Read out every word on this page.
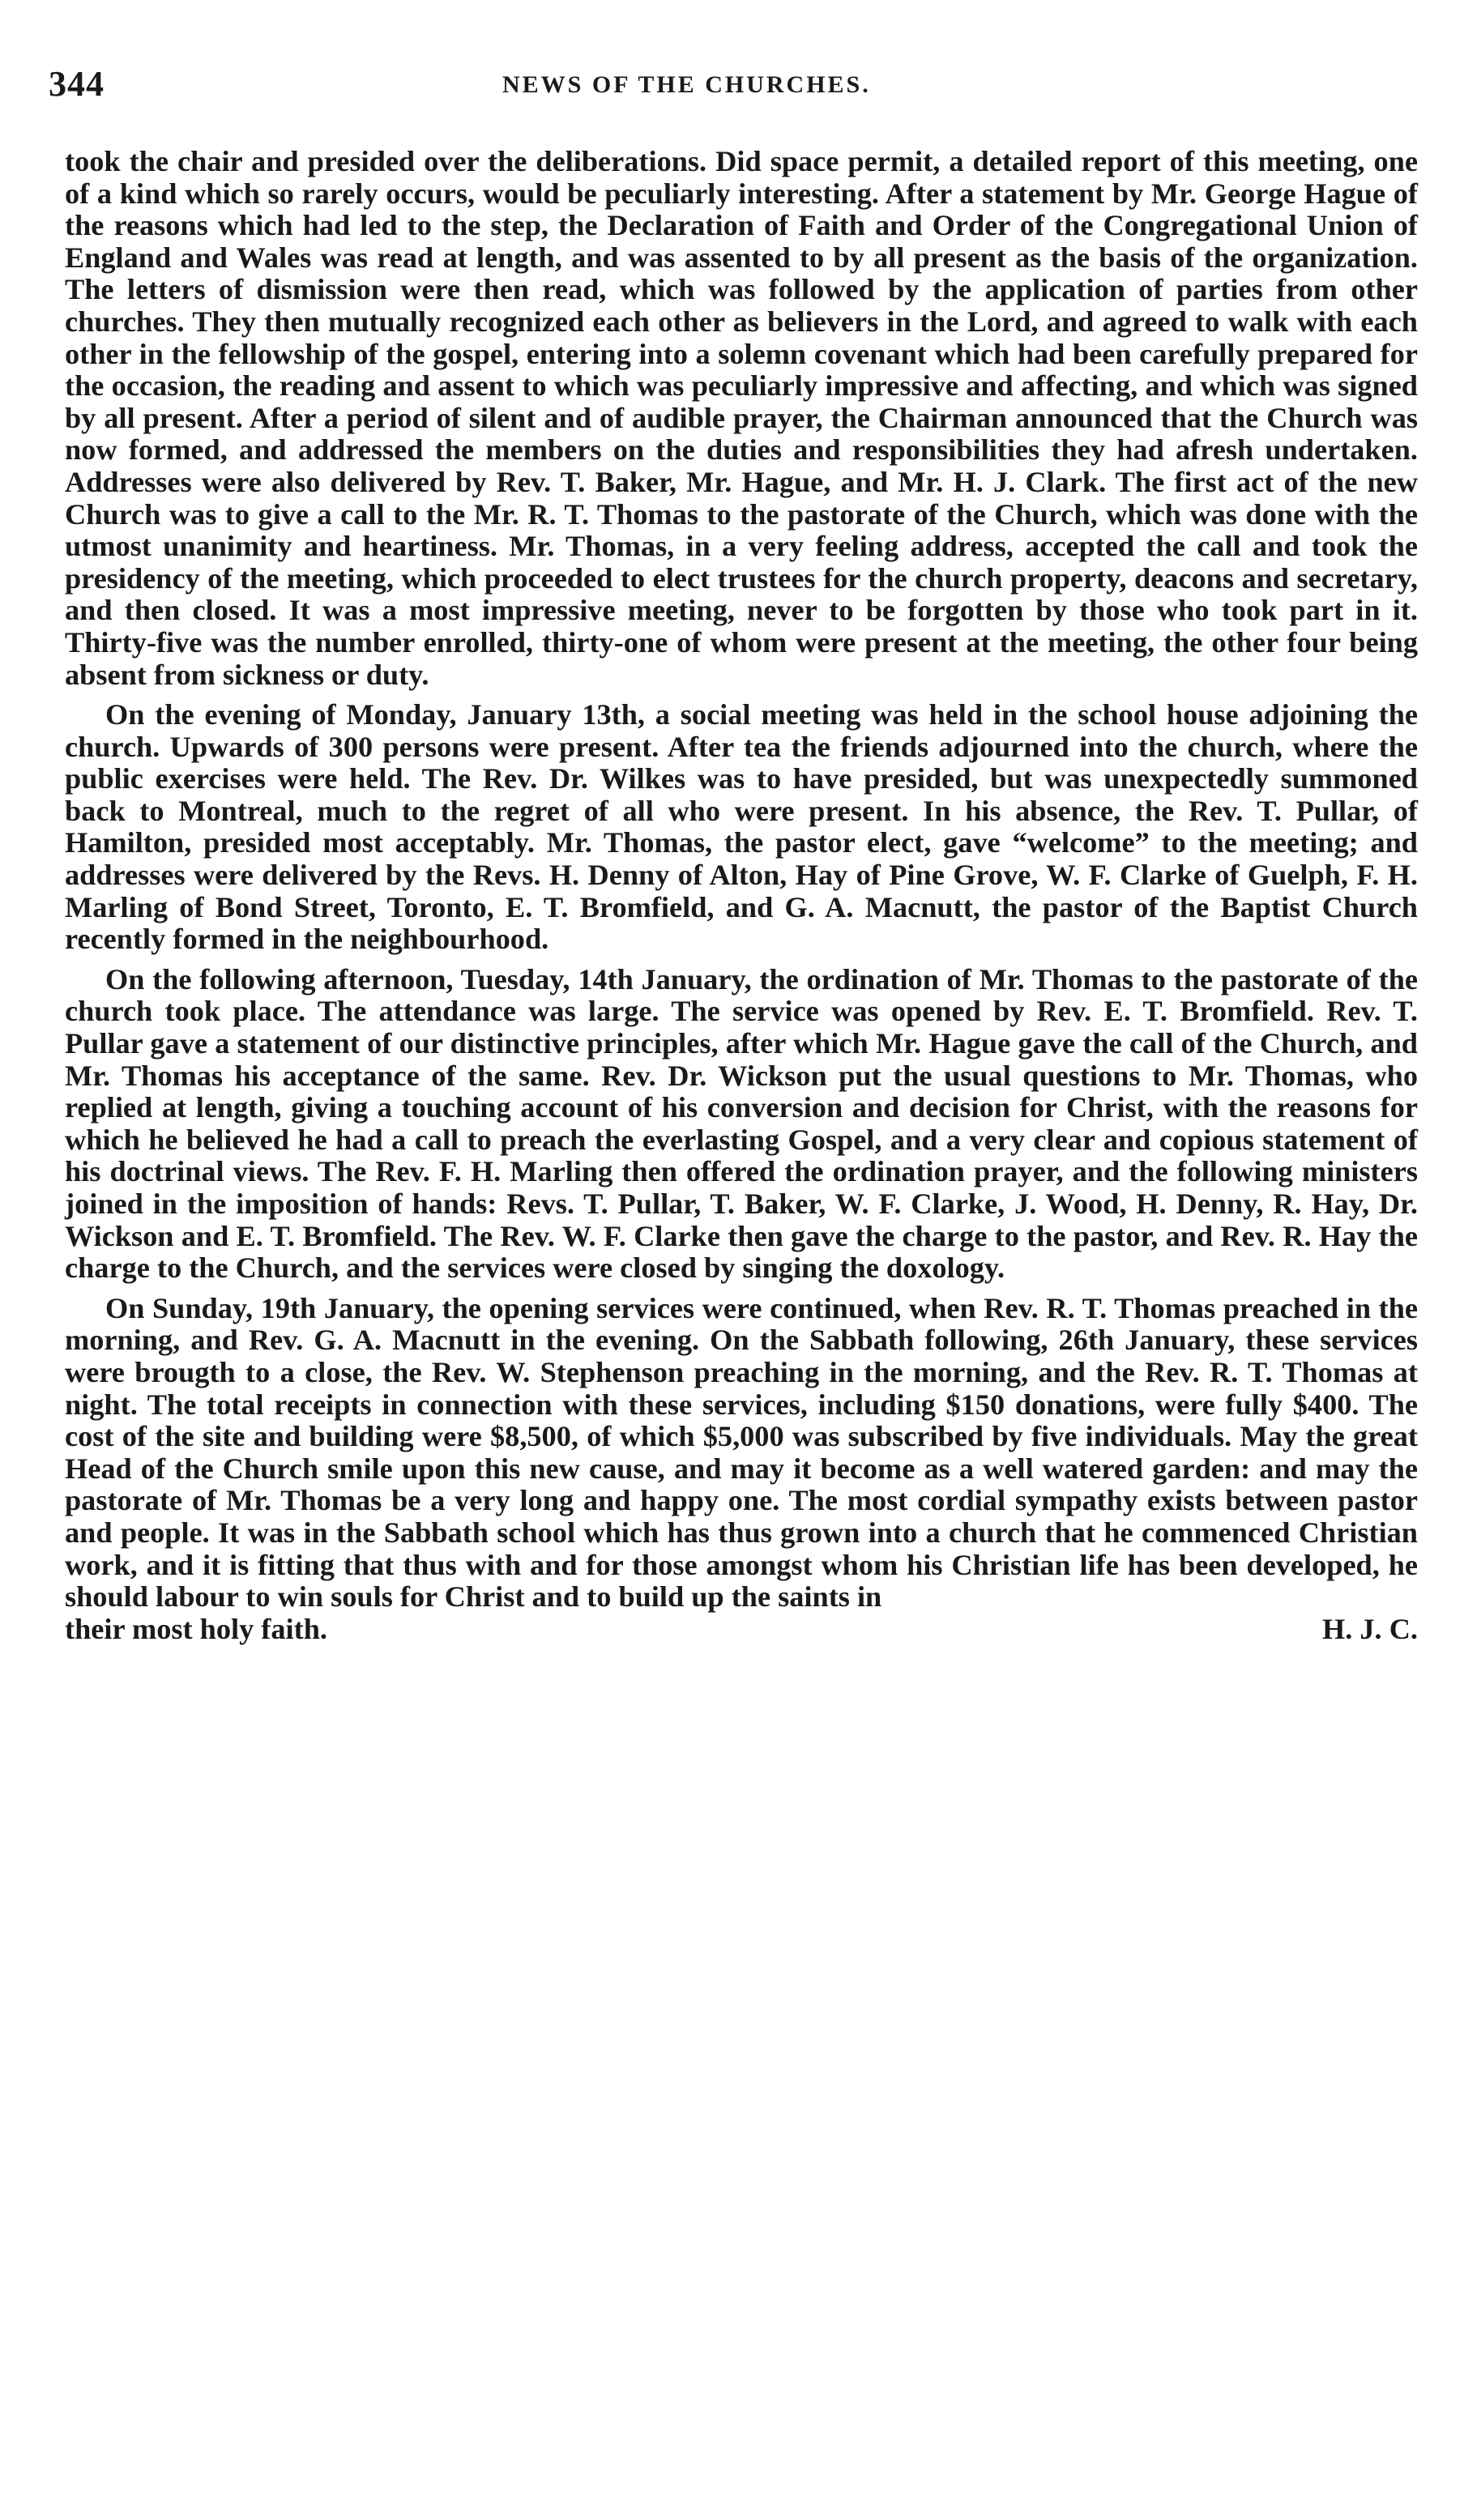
344	NEWS OF THE CHURCHES.

took the chair and presided over the deliberations. Did space permit, a detailed report of this meeting, one of a kind which so rarely occurs, would be peculiarly interesting. After a statement by Mr. George Hague of the reasons which had led to the step, the Declaration of Faith and Order of the Congregational Union of England and Wales was read at length, and was assented to by all present as the basis of the organization. The letters of dismission were then read, which was followed by the application of parties from other churches. They then mutually recognized each other as believers in the Lord, and agreed to walk with each other in the fellowship of the gospel, entering into a solemn covenant which had been carefully prepared for the occasion, the reading and assent to which was peculiarly impressive and affecting, and which was signed by all present. After a period of silent and of audible prayer, the Chairman announced that the Church was now formed, and addressed the members on the duties and responsibilities they had afresh undertaken. Addresses were also delivered by Rev. T. Baker, Mr. Hague, and Mr. H. J. Clark. The first act of the new Church was to give a call to the Mr. R. T. Thomas to the pastorate of the Church, which was done with the utmost unanimity and heartiness. Mr. Thomas, in a very feeling address, accepted the call and took the presidency of the meeting, which proceeded to elect trustees for the church property, deacons and secretary, and then closed. It was a most impressive meeting, never to be forgotten by those who took part in it. Thirty-five was the number enrolled, thirty-one of whom were present at the meeting, the other four being absent from sickness or duty.

On the evening of Monday, January 13th, a social meeting was held in the school house adjoining the church. Upwards of 300 persons were present. After tea the friends adjourned into the church, where the public exercises were held. The Rev. Dr. Wilkes was to have presided, but was unexpectedly summoned back to Montreal, much to the regret of all who were present. In his absence, the Rev. T. Pullar, of Hamilton, presided most acceptably. Mr. Thomas, the pastor elect, gave “welcome” to the meeting; and addresses were delivered by the Revs. H. Denny of Alton, Hay of Pine Grove, W. F. Clarke of Guelph, F. H. Marling of Bond Street, Toronto, E. T. Bromfield, and G. A. Macnutt, the pastor of the Baptist Church recently formed in the neighbourhood.

On the following afternoon, Tuesday, 14th January, the ordination of Mr. Thomas to the pastorate of the church took place. The attendance was large. The service was opened by Rev. E. T. Bromfield. Rev. T. Pullar gave a statement of our distinctive principles, after which Mr. Hague gave the call of the Church, and Mr. Thomas his acceptance of the same. Rev. Dr. Wickson put the usual questions to Mr. Thomas, who replied at length, giving a touching account of his conversion and decision for Christ, with the reasons for which he believed he had a call to preach the everlasting Gospel, and a very clear and copious statement of his doctrinal views. The Rev. F. H. Marling then offered the ordination prayer, and the following ministers joined in the imposition of hands: Revs. T. Pullar, T. Baker, W. F. Clarke, J. Wood, H. Denny, R. Hay, Dr. Wickson and E. T. Bromfield. The Rev. W. F. Clarke then gave the charge to the pastor, and Rev. R. Hay the charge to the Church, and the services were closed by singing the doxology.

On Sunday, 19th January, the opening services were continued, when Rev. R. T. Thomas preached in the morning, and Rev. G. A. Macnutt in the evening. On the Sabbath following, 26th January, these services were brougth to a close, the Rev. W. Stephenson preaching in the morning, and the Rev. R. T. Thomas at night. The total receipts in connection with these services, including $150 donations, were fully $400. The cost of the site and building were $8,500, of which $5,000 was subscribed by five individuals. May the great Head of the Church smile upon this new cause, and may it become as a well watered garden: and may the pastorate of Mr. Thomas be a very long and happy one. The most cordial sympathy exists between pastor and people. It was in the Sabbath school which has thus grown into a church that he commenced Christian work, and it is fitting that thus with and for those amongst whom his Christian life has been developed, he should labour to win souls for Christ and to build up the saints in

their most holy faith.	H. J. C.
